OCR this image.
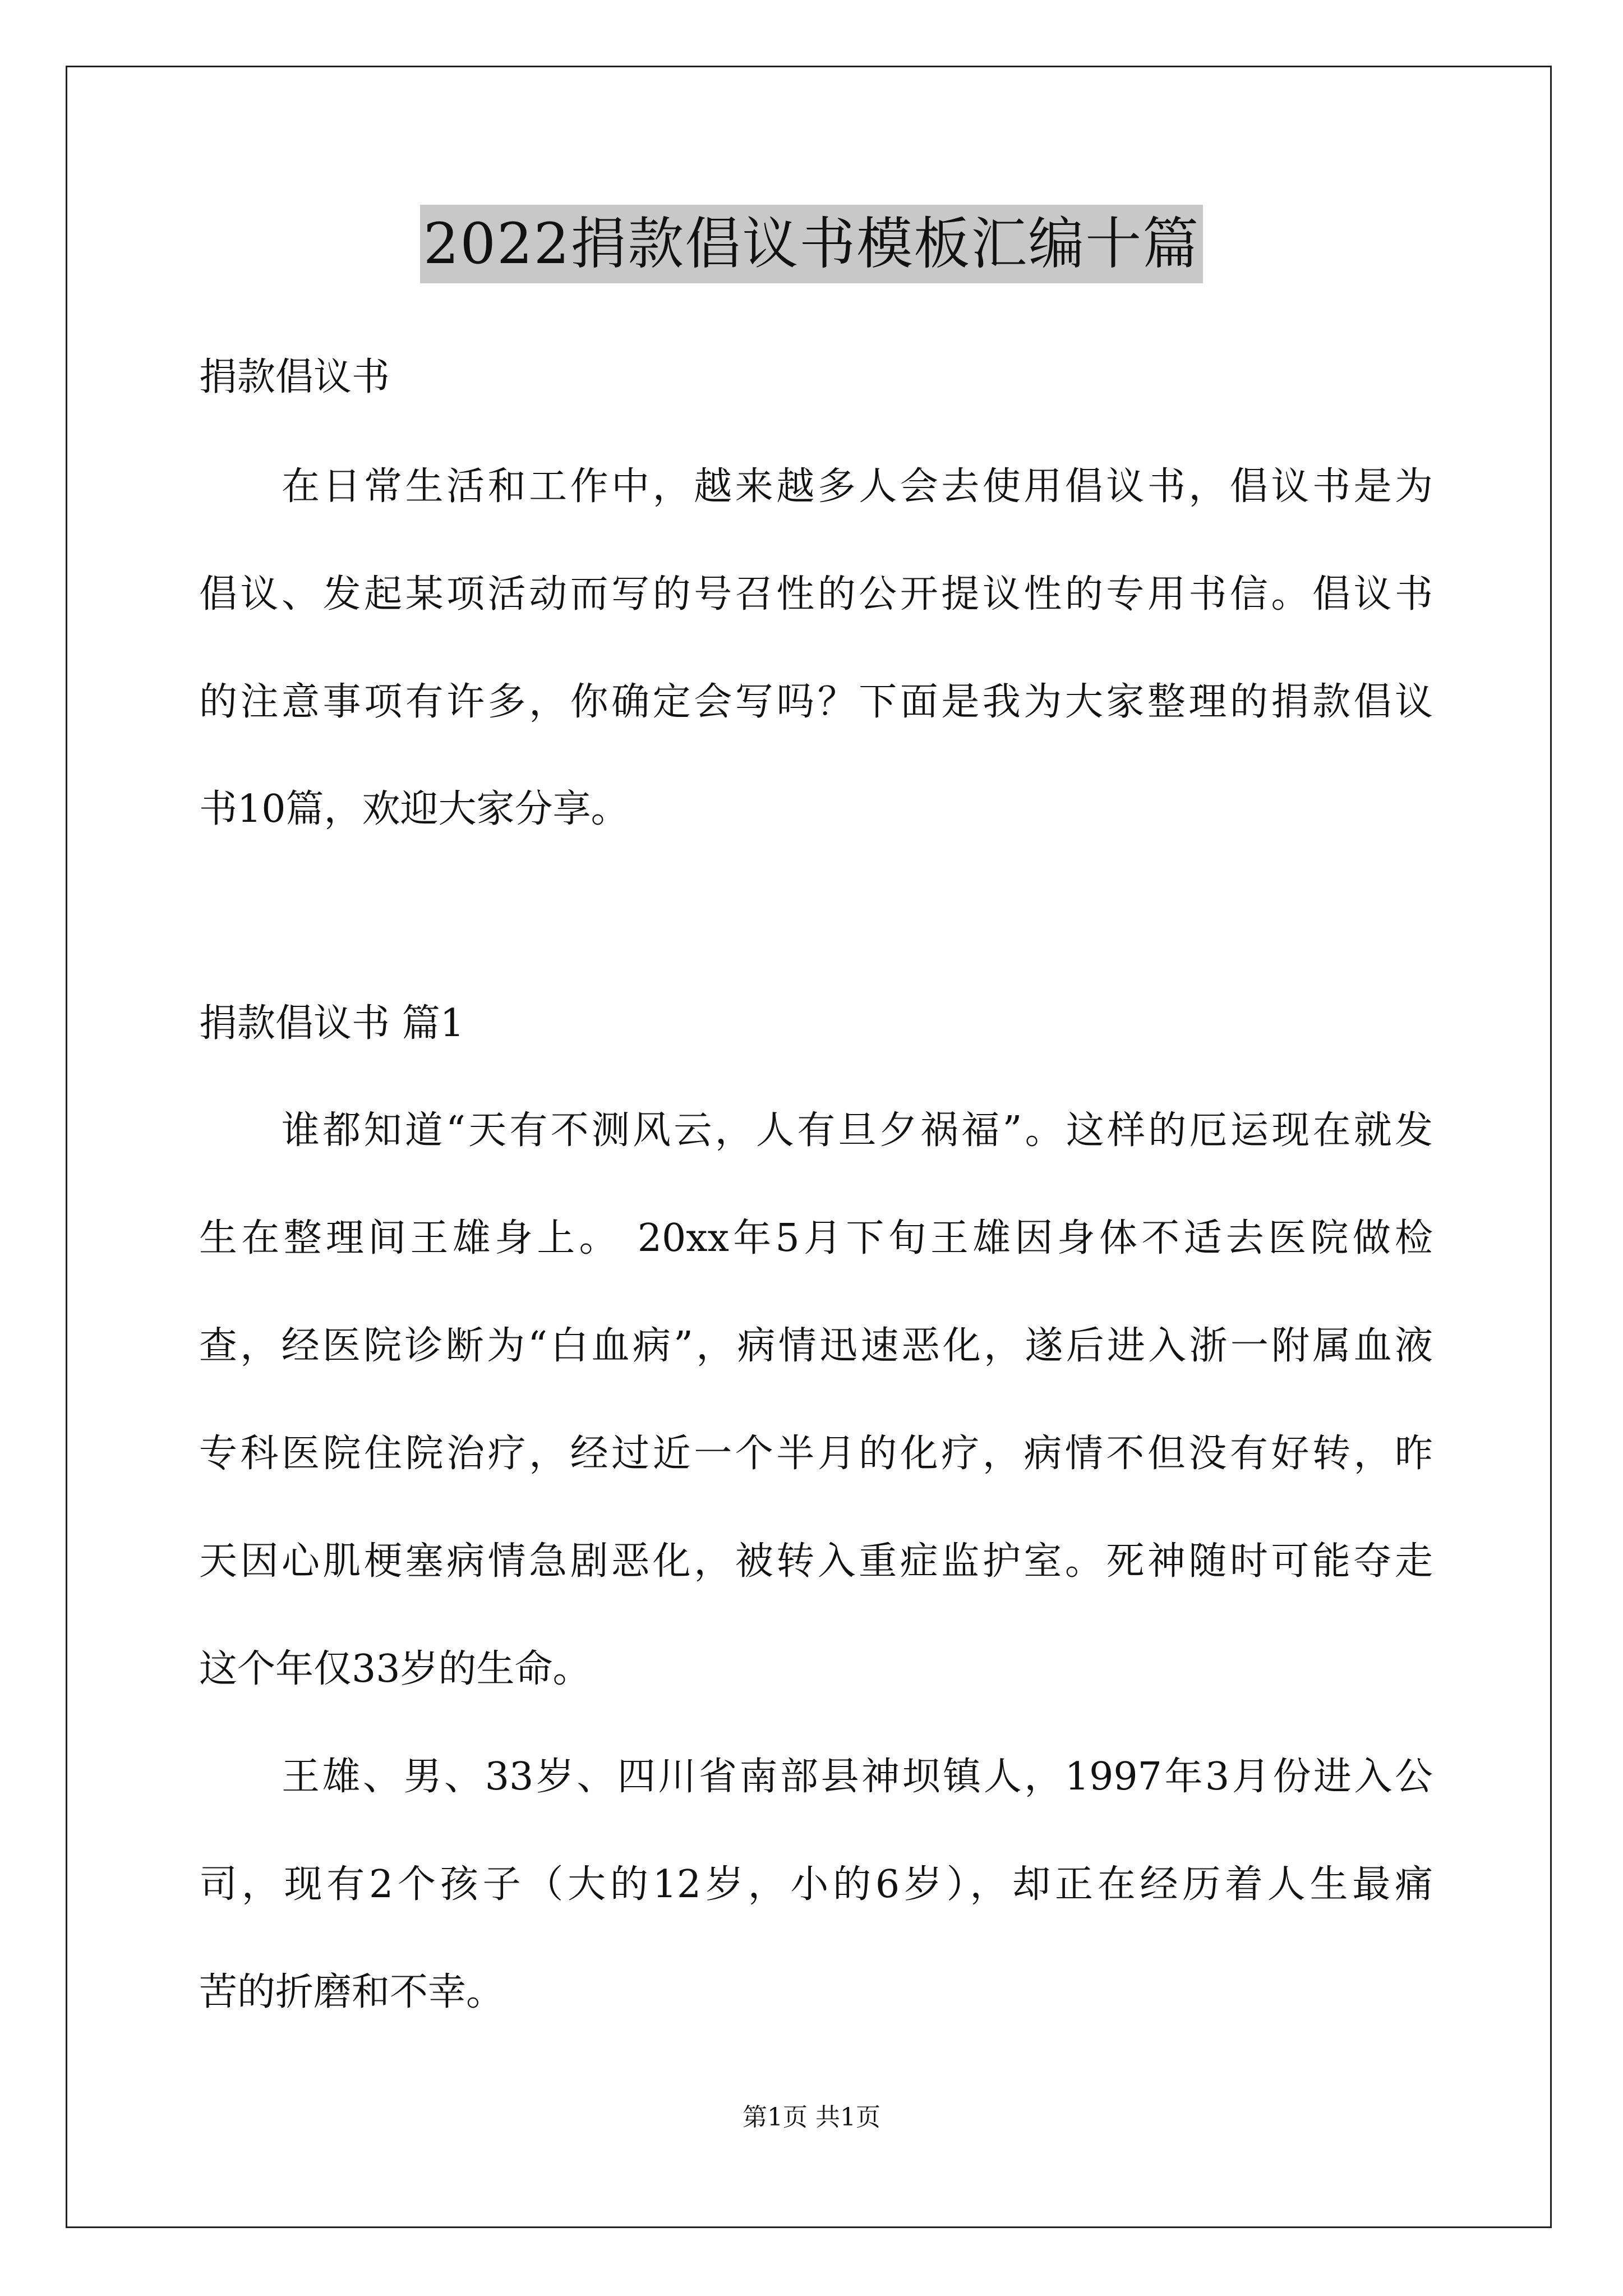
2022捐款倡议书模板汇编十篇
捐款倡议书
在日常生活和工作中，越来越多人会去使用倡议书，倡议书是为
倡议、发起某项活动而写的号召性的公开提议性的专用书信。倡议书
的注意事项有许多，你确定会写吗？下面是我为大家整理的捐款倡议
书10篇，欢迎大家分享。
捐款倡议书 篇1
谁都知道“天有不测风云，人有旦夕祸福”。这样的厄运现在就发
生在整理间王雄身上。 20xx年5月下旬王雄因身体不适去医院做检
查，经医院诊断为“白血病”，病情迅速恶化，遂后进入浙一附属血液
专科医院住院治疗，经过近一个半月的化疗，病情不但没有好转，昨
天因心肌梗塞病情急剧恶化，被转入重症监护室。死神随时可能夺走
这个年仅33岁的生命。
王雄、男、33岁、四川省南部县神坝镇人，1997年3月份进入公
司，现有2个孩子（大的12岁，小的6岁），却正在经历着人生最痛
苦的折磨和不幸。
第1页 共1页
